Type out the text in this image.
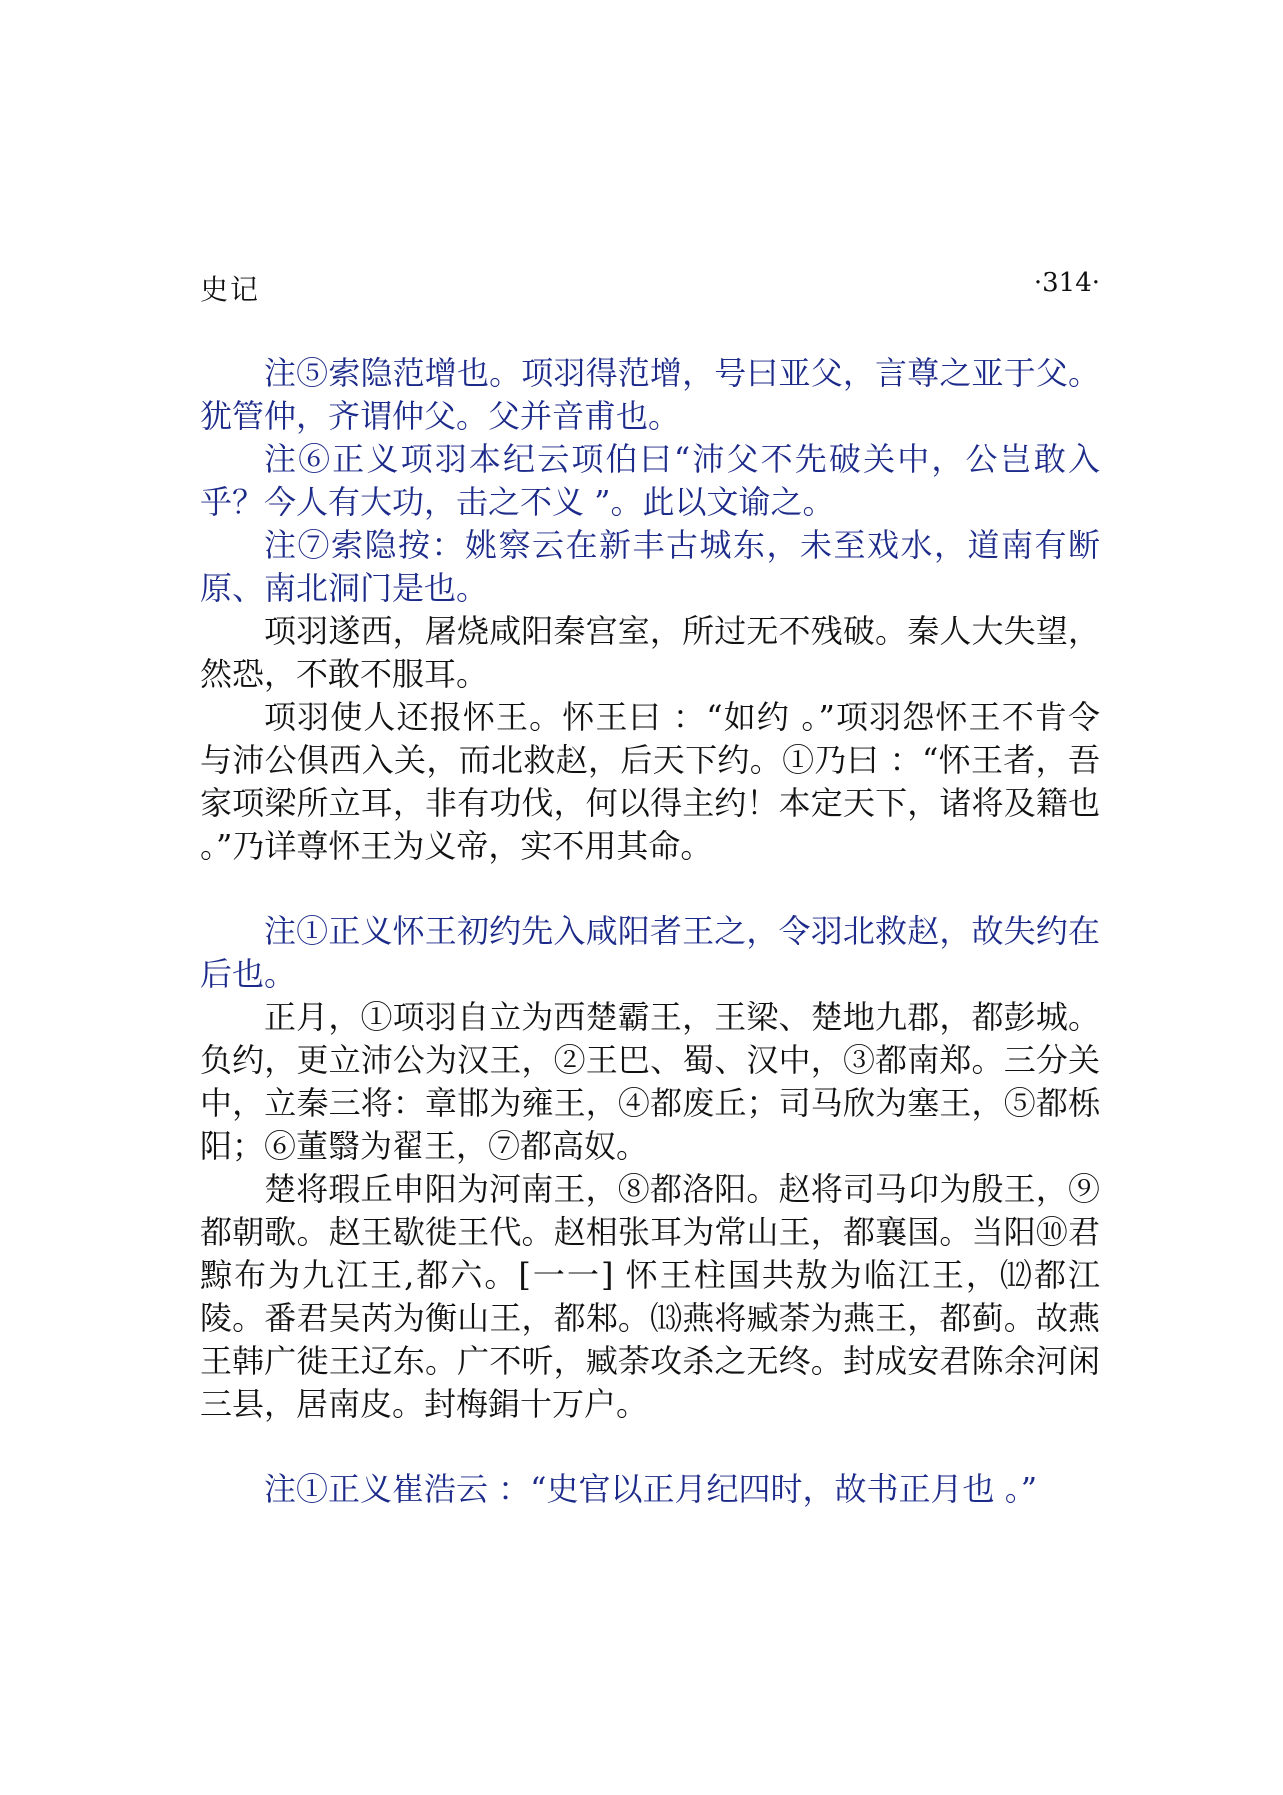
史记	·314·

注⑤索隐范增也。项羽得范增，号曰亚父，言尊之亚于父。犹管仲，齐谓仲父。父并音甫也。

注⑥正义项羽本纪云项伯曰“沛父不先破关中，公岂敢入乎？今人有大功，击之不义 ”。此以文谕之。

注⑦索隐按：姚察云在新丰古城东，未至戏水，道南有断原、南北洞门是也。

项羽遂西，屠烧咸阳秦宫室，所过无不残破。秦人大失望，然恐，不敢不服耳。

项羽使人还报怀王。怀王曰 ：“如约 。”项羽怨怀王不肯令与沛公俱西入关，而北救赵，后天下约。①乃曰 ：“怀王者，吾家项梁所立耳，非有功伐，何以得主约！本定天下，诸将及籍也 。”乃详尊怀王为义帝，实不用其命。

注①正义怀王初约先入咸阳者王之，令羽北救赵，故失约在后也。

正月，①项羽自立为西楚霸王，王梁、楚地九郡，都彭城。负约，更立沛公为汉王，②王巴、蜀、汉中，③都南郑。三分关中，立秦三将：章邯为雍王，④都废丘；司马欣为塞王，⑤都栎阳；⑥董翳为翟王，⑦都高奴。

楚将瑕丘申阳为河南王，⑧都洛阳。赵将司马卬为殷王，⑨都朝歌。赵王歇徙王代。赵相张耳为常山王，都襄国。当阳⑩君黥布为九江王,都六。[一一] 怀王柱国共敖为临江王，⑿都江陵。番君吴芮为衡山王，都邾。⒀燕将臧荼为燕王，都蓟。故燕王韩广徙王辽东。广不听，臧荼攻杀之无终。封成安君陈余河闲三县，居南皮。封梅鋗十万户。

注①正义崔浩云 ：“史官以正月纪四时，故书正月也 。”
